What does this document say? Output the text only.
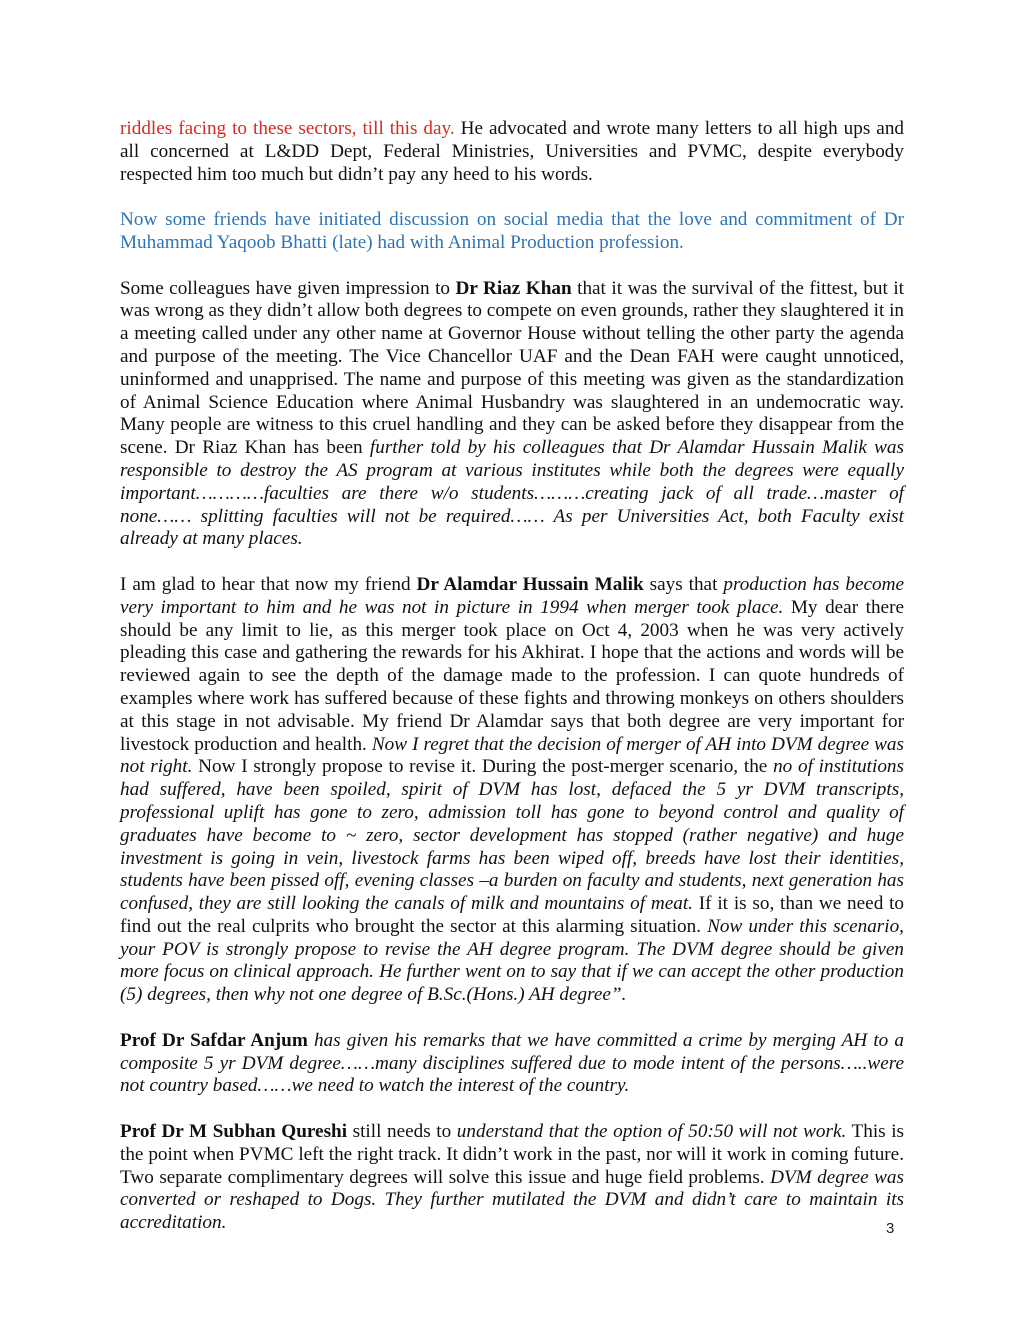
riddles facing to these sectors, till this day. He advocated and wrote many letters to all high ups and all concerned at L&DD Dept, Federal Ministries, Universities and PVMC, despite everybody respected him too much but didn’t pay any heed to his words.

Now some friends have initiated discussion on social media that the love and commitment of Dr Muhammad Yaqoob Bhatti (late) had with Animal Production profession.

Some colleagues have given impression to Dr Riaz Khan that it was the survival of the fittest, but it was wrong as they didn’t allow both degrees to compete on even grounds, rather they slaughtered it in a meeting called under any other name at Governor House without telling the other party the agenda and purpose of the meeting. The Vice Chancellor UAF and the Dean FAH were caught unnoticed, uninformed and unapprised. The name and purpose of this meeting was given as the standardization of Animal Science Education where Animal Husbandry was slaughtered in an undemocratic way. Many people are witness to this cruel handling and they can be asked before they disappear from the scene. Dr Riaz Khan has been further told by his colleagues that Dr Alamdar Hussain Malik was responsible to destroy the AS program at various institutes while both the degrees were equally important…………faculties are there w/o students………creating jack of all trade…master of none…… splitting faculties will not be required…… As per Universities Act, both Faculty exist already at many places.

I am glad to hear that now my friend Dr Alamdar Hussain Malik says that production has become very important to him and he was not in picture in 1994 when merger took place. My dear there should be any limit to lie, as this merger took place on Oct 4, 2003 when he was very actively pleading this case and gathering the rewards for his Akhirat. I hope that the actions and words will be reviewed again to see the depth of the damage made to the profession. I can quote hundreds of examples where work has suffered because of these fights and throwing monkeys on others shoulders at this stage in not advisable. My friend Dr Alamdar says that both degree are very important for livestock production and health. Now I regret that the decision of merger of AH into DVM degree was not right. Now I strongly propose to revise it. During the post-merger scenario, the no of institutions had suffered, have been spoiled, spirit of DVM has lost, defaced the 5 yr DVM transcripts, professional uplift has gone to zero, admission toll has gone to beyond control and quality of graduates have become to ~ zero, sector development has stopped (rather negative) and huge investment is going in vein, livestock farms has been wiped off, breeds have lost their identities, students have been pissed off, evening classes –a burden on faculty and students, next generation has confused, they are still looking the canals of milk and mountains of meat. If it is so, than we need to find out the real culprits who brought the sector at this alarming situation. Now under this scenario, your POV is strongly propose to revise the AH degree program. The DVM degree should be given more focus on clinical approach. He further went on to say that if we can accept the other production (5) degrees, then why not one degree of B.Sc.(Hons.) AH degree”.

Prof Dr Safdar Anjum has given his remarks that we have committed a crime by merging AH to a composite 5 yr DVM degree……many disciplines suffered due to mode intent of the persons…..were not country based……we need to watch the interest of the country.

Prof Dr M Subhan Qureshi still needs to understand that the option of 50:50 will not work. This is the point when PVMC left the right track. It didn’t work in the past, nor will it work in coming future. Two separate complimentary degrees will solve this issue and huge field problems. DVM degree was converted or reshaped to Dogs. They further mutilated the DVM and didn’t care to maintain its accreditation.	3
